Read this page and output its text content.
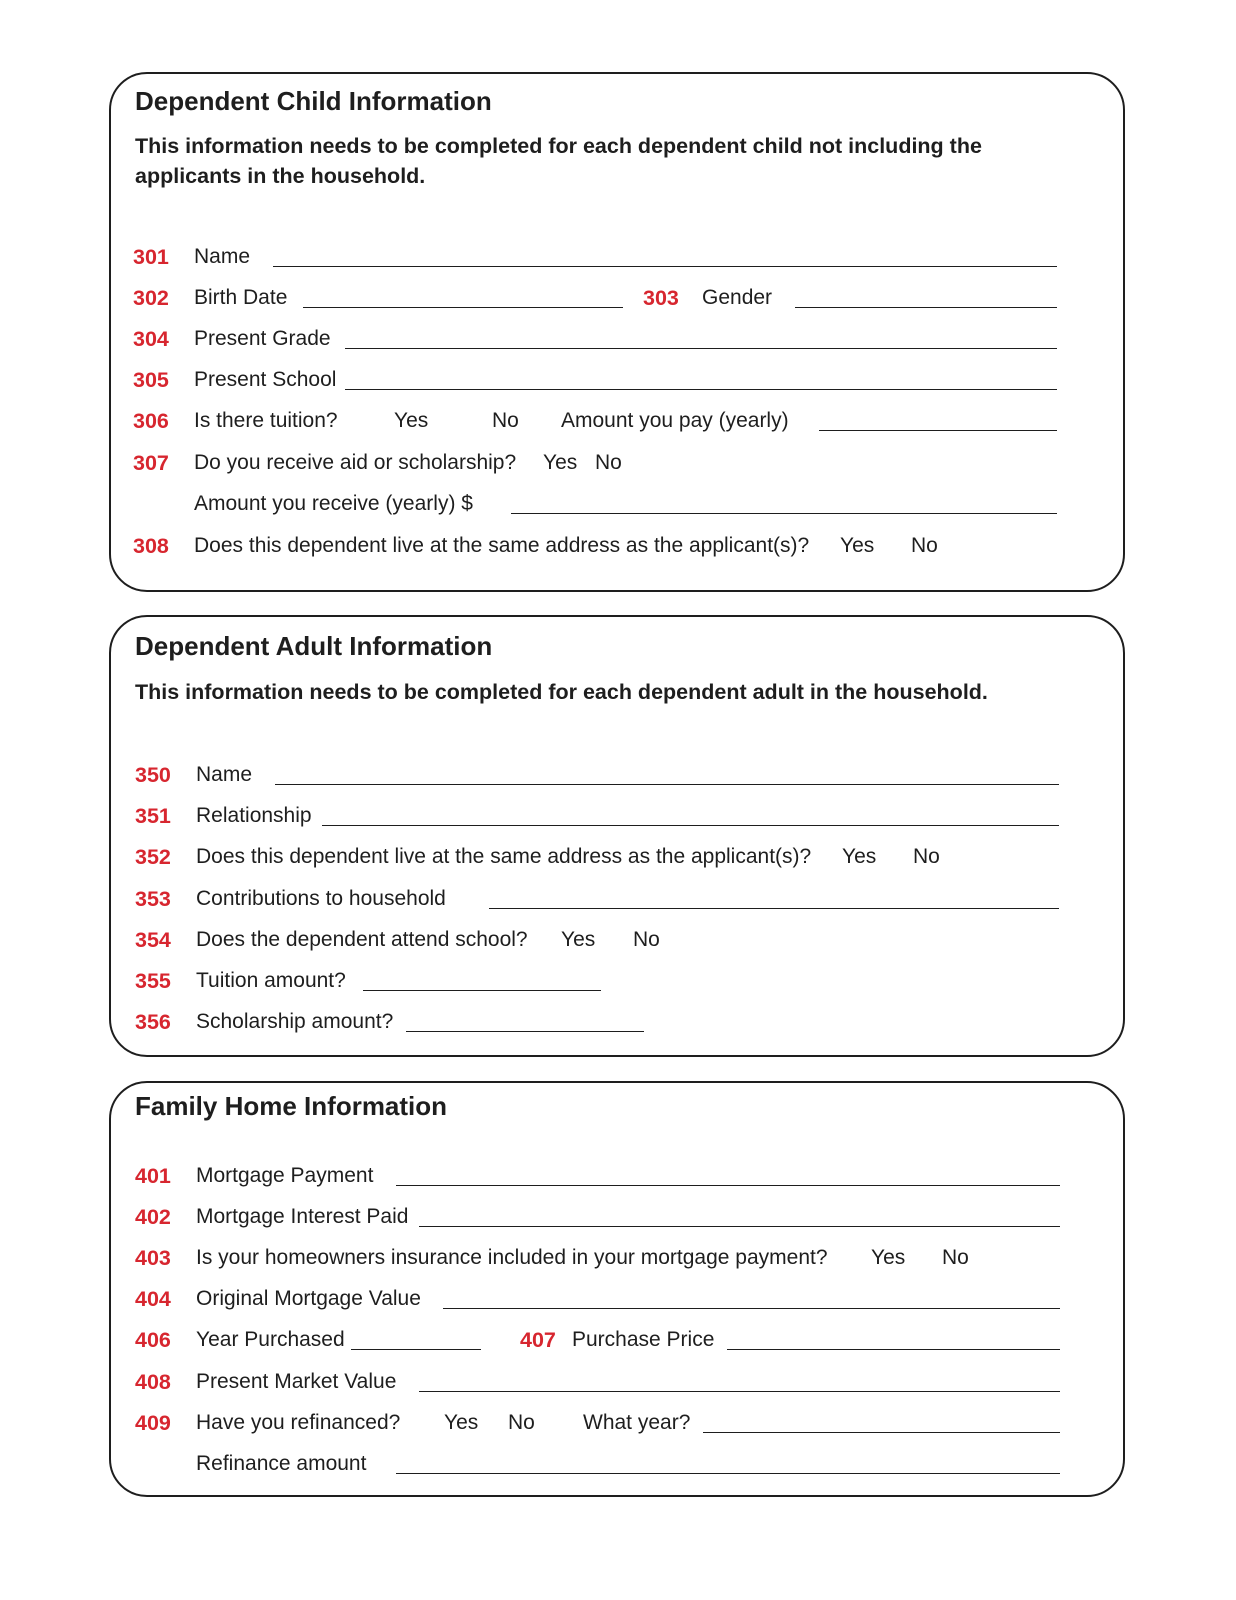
Dependent Child Information
This information needs to be completed for each dependent child not including the applicants in the household.
301 Name
302 Birth Date	303 Gender
304 Present Grade
305 Present School
306 Is there tuition?	Yes	No Amount you pay (yearly)
307 Do you receive aid or scholarship? Yes No
Amount you receive (yearly) $
308 Does this dependent live at the same address as the applicant(s)? Yes No
Dependent Adult Information
This information needs to be completed for each dependent adult in the household.
350 Name
351 Relationship
352 Does this dependent live at the same address as the applicant(s)? Yes No
353 Contributions to household
354 Does the dependent attend school? Yes No
355 Tuition amount?
356 Scholarship amount?
Family Home Information
401 Mortgage Payment
402 Mortgage Interest Paid
403 Is your homeowners insurance included in your mortgage payment? Yes No
404 Original Mortgage Value
406 Year Purchased	407 Purchase Price
408 Present Market Value
409 Have you refinanced? Yes No What year?
Refinance amount
